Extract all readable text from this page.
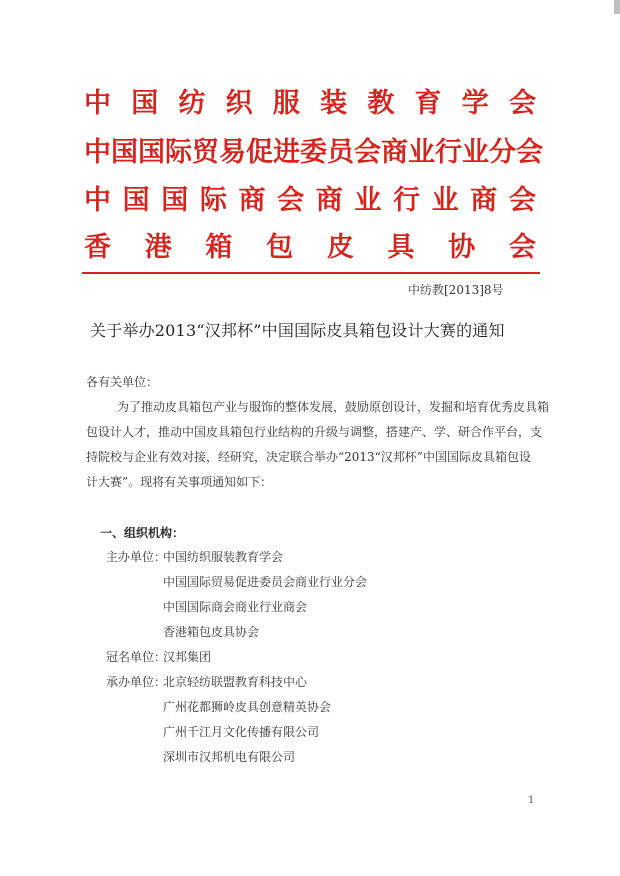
中 国 纺 织 服 装 教 育 学 会
中 国 国 际 贸 易 促 进 委 员 会 商 业 行 业 分 会
中 国 国 际 商 会 商 业 行 业 商 会
香 港 箱 包 皮 具 协 会
中纺教[2013]8号
关于举办2013“汉邦杯”中国国际皮具箱包设计大赛的通知
各有关单位：
为了推动皮具箱包产业与服饰的整体发展，鼓励原创设计，发掘和培育优秀皮具箱
包设计人才，推动中国皮具箱包行业结构的升级与调整，搭建产、学、研合作平台，支
持院校与企业有效对接，经研究，决定联合举办“2013“汉邦杯”中国国际皮具箱包设
计大赛”。现将有关事项通知如下：
一、组织机构：
主办单位：
中国纺织服装教育学会
中国国际贸易促进委员会商业行业分会
中国国际商会商业行业商会
香港箱包皮具协会
冠名单位：
汉邦集团
承办单位：
北京轻纺联盟教育科技中心
广州花都狮岭皮具创意精英协会
广州千江月文化传播有限公司
深圳市汉邦机电有限公司
1
